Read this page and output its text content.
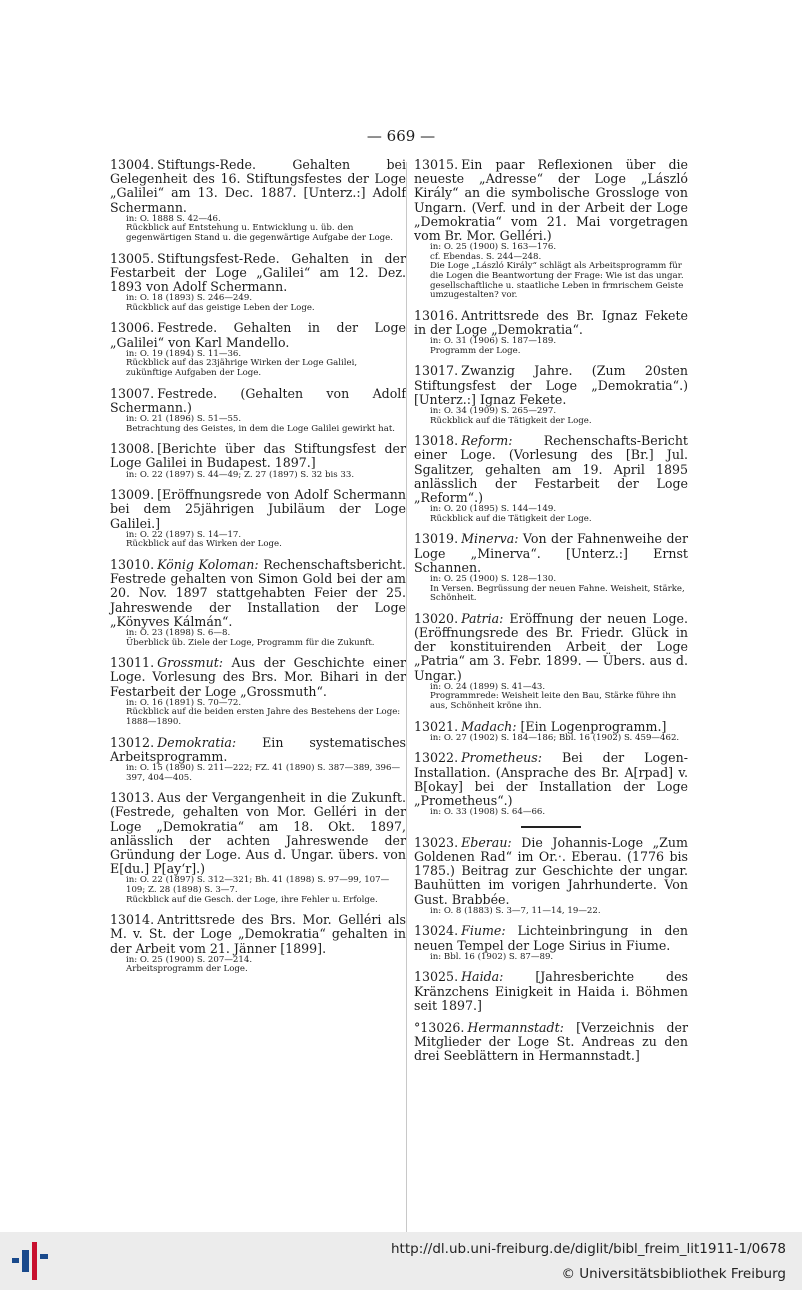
— 669 —

13004. Stiftungs-Rede. Gehalten bei Gelegenheit des 16. Stiftungsfestes der Loge „Galilei“ am 13. Dec. 1887. [Unterz.:] Adolf Schermann.

in: O. 1888 S. 42—46.
Rückblick auf Entstehung u. Entwicklung u. üb. den gegenwärtigen Stand u. die gegenwärtige Aufgabe der Loge.

13005. Stiftungsfest-Rede. Gehalten in der Festarbeit der Loge „Galilei“ am 12. Dez. 1893 von Adolf Schermann.

in: O. 18 (1893) S. 246—249.
Rückblick auf das geistige Leben der Loge.

13006. Festrede. Gehalten in der Loge „Galilei“ von Karl Mandello.

in: O. 19 (1894) S. 11—36.
Rückblick auf das 23jährige Wirken der Loge Galilei, zukünftige Aufgaben der Loge.

13007. Festrede. (Gehalten von Adolf Schermann.)

in: O. 21 (1896) S. 51—55.
Betrachtung des Geistes, in dem die Loge Galilei gewirkt hat.

13008. [Berichte über das Stiftungsfest der Loge Galilei in Budapest. 1897.]

in: O. 22 (1897) S. 44—49; Z. 27 (1897) S. 32 bis 33.

13009. [Eröffnungsrede von Adolf Schermann bei dem 25jährigen Jubiläum der Loge Galilei.]

in: O. 22 (1897) S. 14—17.
Rückblick auf das Wirken der Loge.

13010. König Koloman: Rechenschaftsbericht. Festrede gehalten von Simon Gold bei der am 20. Nov. 1897 stattgehabten Feier der 25. Jahreswende der Installation der Loge „Könyves Kálmán“.

in: O. 23 (1898) S. 6—8.
Überblick üb. Ziele der Loge, Programm für die Zukunft.

13011. Grossmut: Aus der Geschichte einer Loge. Vorlesung des Brs. Mor. Bihari in der Festarbeit der Loge „Grossmuth“.

in: O. 16 (1891) S. 70—72.
Rückblick auf die beiden ersten Jahre des Bestehens der Loge: 1888—1890.

13012. Demokratia: Ein systematisches Arbeitsprogramm.

in: O. 15 (1890) S. 211—222; FZ. 41 (1890) S. 387—389, 396—397, 404—405.

13013. Aus der Vergangenheit in die Zukunft. (Festrede, gehalten von Mor. Gelléri in der Loge „Demokratia“ am 18. Okt. 1897, anlässlich der achten Jahreswende der Gründung der Loge. Aus d. Ungar. übers. von E[du.] P[ay‘r].)

in: O. 22 (1897) S. 312—321; Bh. 41 (1898) S. 97—99, 107—109; Z. 28 (1898) S. 3—7.
Rückblick auf die Gesch. der Loge, ihre Fehler u. Erfolge.

13014. Antrittsrede des Brs. Mor. Gelléri als M. v. St. der Loge „Demokratia“ gehalten in der Arbeit vom 21. Jänner [1899].

in: O. 25 (1900) S. 207—214.
Arbeitsprogramm der Loge.

13015. Ein paar Reflexionen über die neueste „Adresse“ der Loge „László Király“ an die symbolische Grossloge von Ungarn. (Verf. und in der Arbeit der Loge „Demokratia“ vom 21. Mai vorgetragen vom Br. Mor. Gelléri.)

in: O. 25 (1900) S. 163—176.
cf. Ebendas. S. 244—248.
Die Loge „László Király“ schlägt als Arbeitsprogramm für die Logen die Beantwortung der Frage: Wie ist das ungar. gesellschaftliche u. staatliche Leben in frmrischem Geiste umzugestalten? vor.

13016. Antrittsrede des Br. Ignaz Fekete in der Loge „Demokratia“.

in: O. 31 (1906) S. 187—189.
Programm der Loge.

13017. Zwanzig Jahre. (Zum 20sten Stiftungsfest der Loge „Demokratia“.) [Unterz.:] Ignaz Fekete.

in: O. 34 (1909) S. 265—297.
Rückblick auf die Tätigkeit der Loge.

13018. Reform: Rechenschafts-Bericht einer Loge. (Vorlesung des [Br.] Jul. Sgalitzer, gehalten am 19. April 1895 anlässlich der Festarbeit der Loge „Reform“.)

in: O. 20 (1895) S. 144—149.
Rückblick auf die Tätigkeit der Loge.

13019. Minerva: Von der Fahnenweihe der Loge „Minerva“. [Unterz.:] Ernst Schannen.

in: O. 25 (1900) S. 128—130.
In Versen. Begrüssung der neuen Fahne. Weisheit, Stärke, Schönheit.

13020. Patria: Eröffnung der neuen Loge. (Eröffnungsrede des Br. Friedr. Glück in der konstituirenden Arbeit der Loge „Patria“ am 3. Febr. 1899. — Übers. aus d. Ungar.)

in: O. 24 (1899) S. 41—43.
Programmrede: Weisheit leite den Bau, Stärke führe ihn aus, Schönheit kröne ihn.

13021. Madach: [Ein Logenprogramm.]

in: O. 27 (1902) S. 184—186; Bbl. 16 (1902) S. 459—462.

13022. Prometheus: Bei der Logen-Installation. (Ansprache des Br. A[rpad] v. B[okay] bei der Installation der Loge „Prometheus“.)

in: O. 33 (1908) S. 64—66.

13023. Eberau: Die Johannis-Loge „Zum Goldenen Rad“ im Or.‧. Eberau. (1776 bis 1785.) Beitrag zur Geschichte der ungar. Bauhütten im vorigen Jahrhunderte. Von Gust. Brabbée.

in: O. 8 (1883) S. 3—7, 11—14, 19—22.

13024. Fiume: Lichteinbringung in den neuen Tempel der Loge Sirius in Fiume.

in: Bbl. 16 (1902) S. 87—89.

13025. Haida:	[Jahresberichte des Kränzchens Einigkeit in Haida i. Böhmen seit 1897.]

°13026. Hermannstadt: [Verzeichnis der Mitglieder der Loge St. Andreas zu den drei Seeblättern in Hermannstadt.]

http://dl.ub.uni-freiburg.de/diglit/bibl_freim_lit1911-1/0678
© Universitätsbibliothek Freiburg
